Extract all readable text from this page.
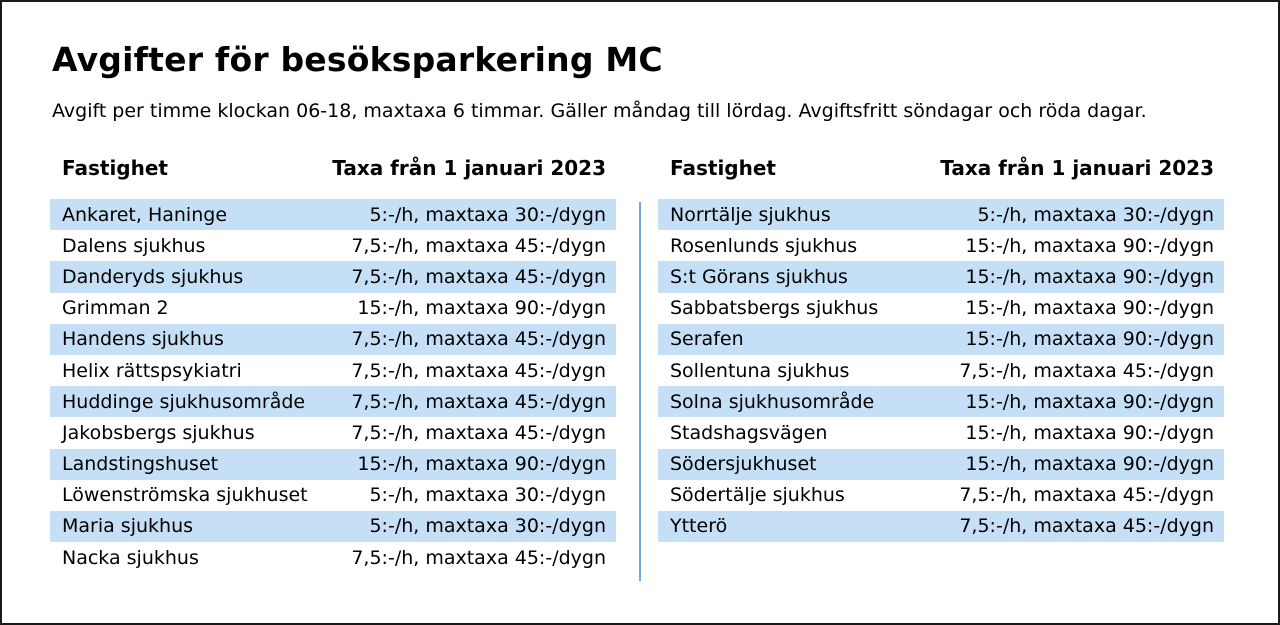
Avgifter för besöksparkering MC
Avgift per timme klockan 06-18, maxtaxa 6 timmar. Gäller måndag till lördag. Avgiftsfritt söndagar och röda dagar.
Fastighet	Taxa från 1 januari 2023
Ankaret, Haninge	5:-/h, maxtaxa 30:-/dygn
Dalens sjukhus	7,5:-/h, maxtaxa 45:-/dygn
Danderyds sjukhus	7,5:-/h, maxtaxa 45:-/dygn
Grimman 2	15:-/h, maxtaxa 90:-/dygn
Handens sjukhus	7,5:-/h, maxtaxa 45:-/dygn
Helix rättspsykiatri	7,5:-/h, maxtaxa 45:-/dygn
Huddinge sjukhusområde 7,5:-/h, maxtaxa 45:-/dygn
Jakobsbergs sjukhus	7,5:-/h, maxtaxa 45:-/dygn
Landstingshuset	15:-/h, maxtaxa 90:-/dygn
Löwenströmska sjukhuset	5:-/h, maxtaxa 30:-/dygn
Maria sjukhus	5:-/h, maxtaxa 30:-/dygn
Nacka sjukhus	7,5:-/h, maxtaxa 45:-/dygn
Fastighet	Taxa från 1 januari 2023
Norrtälje sjukhus	5:-/h, maxtaxa 30:-/dygn
Rosenlunds sjukhus	15:-/h, maxtaxa 90:-/dygn
S:t Görans sjukhus	15:-/h, maxtaxa 90:-/dygn
Sabbatsbergs sjukhus	15:-/h, maxtaxa 90:-/dygn
Serafen	15:-/h, maxtaxa 90:-/dygn
Sollentuna sjukhus	7,5:-/h, maxtaxa 45:-/dygn
Solna sjukhusområde	15:-/h, maxtaxa 90:-/dygn
Stadshagsvägen	15:-/h, maxtaxa 90:-/dygn
Södersjukhuset	15:-/h, maxtaxa 90:-/dygn
Södertälje sjukhus	7,5:-/h, maxtaxa 45:-/dygn
Ytterö	7,5:-/h, maxtaxa 45:-/dygn
